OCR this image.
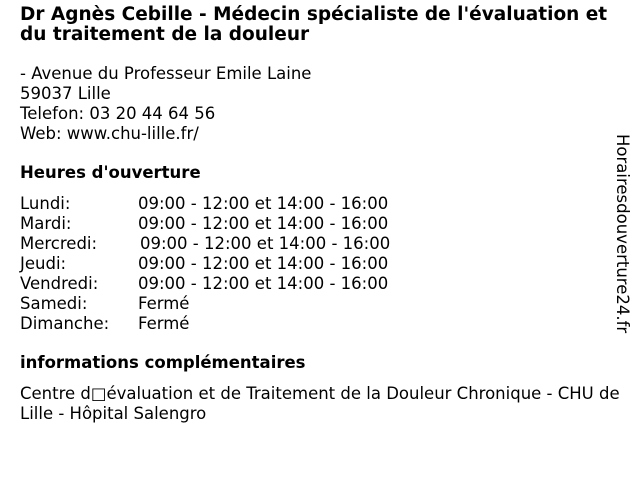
Dr Agnès Cebille - Médecin spécialiste de l'évaluation et du traitement de la douleur
- Avenue du Professeur Emile Laine
59037 Lille
Telefon: 03 20 44 64 56
Web: www.chu-lille.fr/
Heures d'ouverture
Lundi:	09:00 - 12:00 et 14:00 - 16:00
Mardi:	09:00 - 12:00 et 14:00 - 16:00
Mercredi:	09:00 - 12:00 et 14:00 - 16:00
Jeudi:	09:00 - 12:00 et 14:00 - 16:00
Vendredi: 09:00 - 12:00 et 14:00 - 16:00
Samedi:	Fermé
Dimanche: Fermé
informations complémentaires
Centre d□évaluation et de Traitement de la Douleur Chronique - CHU de Lille - Hôpital Salengro
Horairesdouverture24.fr
